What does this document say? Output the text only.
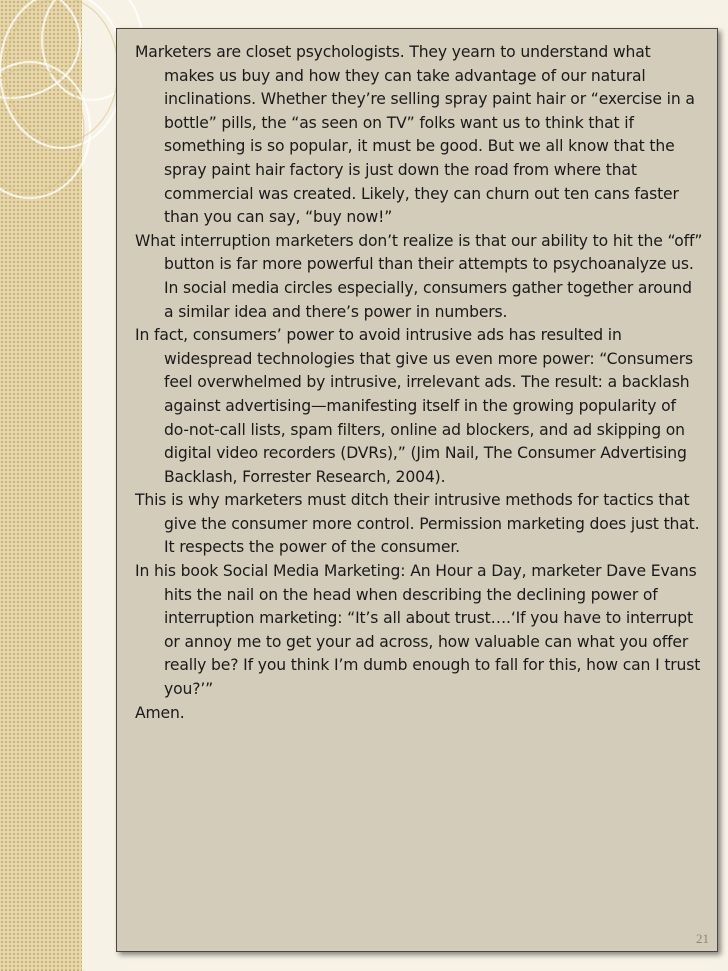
Marketers are closet psychologists. They yearn to understand what makes us buy and how they can take advantage of our natural inclinations. Whether they’re selling spray paint hair or “exercise in a bottle” pills, the “as seen on TV” folks want us to think that if something is so popular, it must be good. But we all know that the spray paint hair factory is just down the road from where that commercial was created. Likely, they can churn out ten cans faster than you can say, “buy now!”

What interruption marketers don’t realize is that our ability to hit the “off” button is far more powerful than their attempts to psychoanalyze us. In social media circles especially, consumers gather together around a similar idea and there’s power in numbers.

In fact, consumers’ power to avoid intrusive ads has resulted in widespread technologies that give us even more power: “Consumers feel overwhelmed by intrusive, irrelevant ads. The result: a backlash against advertising—manifesting itself in the growing popularity of do-not-call lists, spam filters, online ad blockers, and ad skipping on digital video recorders (DVRs),” (Jim Nail, The Consumer Advertising Backlash, Forrester Research, 2004).

This is why marketers must ditch their intrusive methods for tactics that give the consumer more control. Permission marketing does just that. It respects the power of the consumer.

In his book Social Media Marketing: An Hour a Day, marketer Dave Evans hits the nail on the head when describing the declining power of interruption marketing: “It’s all about trust….‘If you have to interrupt or annoy me to get your ad across, how valuable can what you offer really be? If you think I’m dumb enough to fall for this, how can I trust you?’”

Amen.

21
